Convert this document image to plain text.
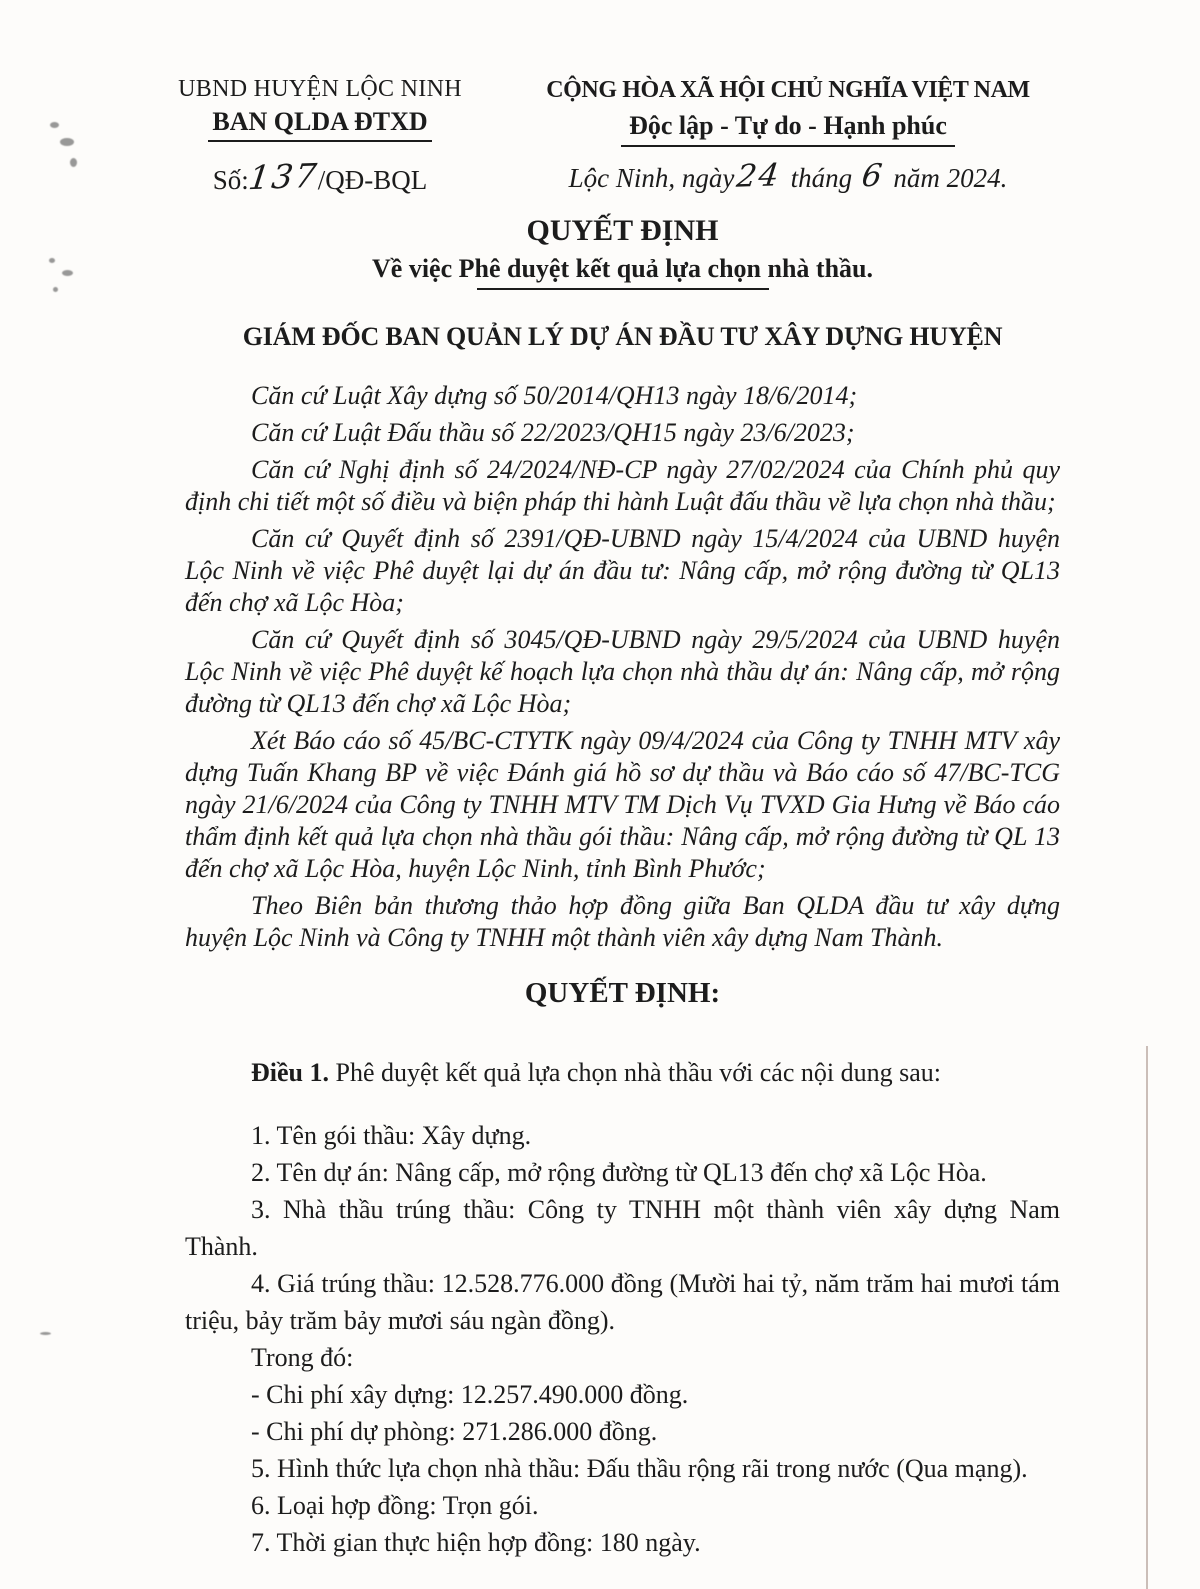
UBND HUYỆN LỘC NINH
BAN QLDA ĐTXD
Số:137/QĐ-BQL
CỘNG HÒA XÃ HỘI CHỦ NGHĨA VIỆT NAM
Độc lập - Tự do - Hạnh phúc
Lộc Ninh, ngày24 tháng 6 năm 2024.
QUYẾT ĐỊNH
Về việc Phê duyệt kết quả lựa chọn nhà thầu.
GIÁM ĐỐC BAN QUẢN LÝ DỰ ÁN ĐẦU TƯ XÂY DỰNG HUYỆN

Căn cứ Luật Xây dựng số 50/2014/QH13 ngày 18/6/2014;

Căn cứ Luật Đấu thầu số 22/2023/QH15 ngày 23/6/2023;

Căn cứ Nghị định số 24/2024/NĐ-CP ngày 27/02/2024 của Chính phủ quy định chi tiết một số điều và biện pháp thi hành Luật đấu thầu về lựa chọn nhà thầu;

Căn cứ Quyết định số 2391/QĐ-UBND ngày 15/4/2024 của UBND huyện Lộc Ninh về việc Phê duyệt lại dự án đầu tư: Nâng cấp, mở rộng đường từ QL13 đến chợ xã Lộc Hòa;

Căn cứ Quyết định số 3045/QĐ-UBND ngày 29/5/2024 của UBND huyện Lộc Ninh về việc Phê duyệt kế hoạch lựa chọn nhà thầu dự án: Nâng cấp, mở rộng đường từ QL13 đến chợ xã Lộc Hòa;

Xét Báo cáo số 45/BC-CTYTK ngày 09/4/2024 của Công ty TNHH MTV xây dựng Tuấn Khang BP về việc Đánh giá hồ sơ dự thầu và Báo cáo số 47/BC-TCG ngày 21/6/2024 của Công ty TNHH MTV TM Dịch Vụ TVXD Gia Hưng về Báo cáo thẩm định kết quả lựa chọn nhà thầu gói thầu: Nâng cấp, mở rộng đường từ QL 13 đến chợ xã Lộc Hòa, huyện Lộc Ninh, tỉnh Bình Phước;

Theo Biên bản thương thảo hợp đồng giữa Ban QLDA đầu tư xây dựng huyện Lộc Ninh và Công ty TNHH một thành viên xây dựng Nam Thành.

QUYẾT ĐỊNH:

Điều 1. Phê duyệt kết quả lựa chọn nhà thầu với các nội dung sau:

1. Tên gói thầu: Xây dựng.

2. Tên dự án: Nâng cấp, mở rộng đường từ QL13 đến chợ xã Lộc Hòa.

3. Nhà thầu trúng thầu: Công ty TNHH một thành viên xây dựng Nam Thành.

4. Giá trúng thầu: 12.528.776.000 đồng (Mười hai tỷ, năm trăm hai mươi tám triệu, bảy trăm bảy mươi sáu ngàn đồng).

Trong đó:

- Chi phí xây dựng: 12.257.490.000 đồng.

- Chi phí dự phòng: 271.286.000 đồng.

5. Hình thức lựa chọn nhà thầu: Đấu thầu rộng rãi trong nước (Qua mạng).

6. Loại hợp đồng: Trọn gói.

7. Thời gian thực hiện hợp đồng: 180 ngày.
